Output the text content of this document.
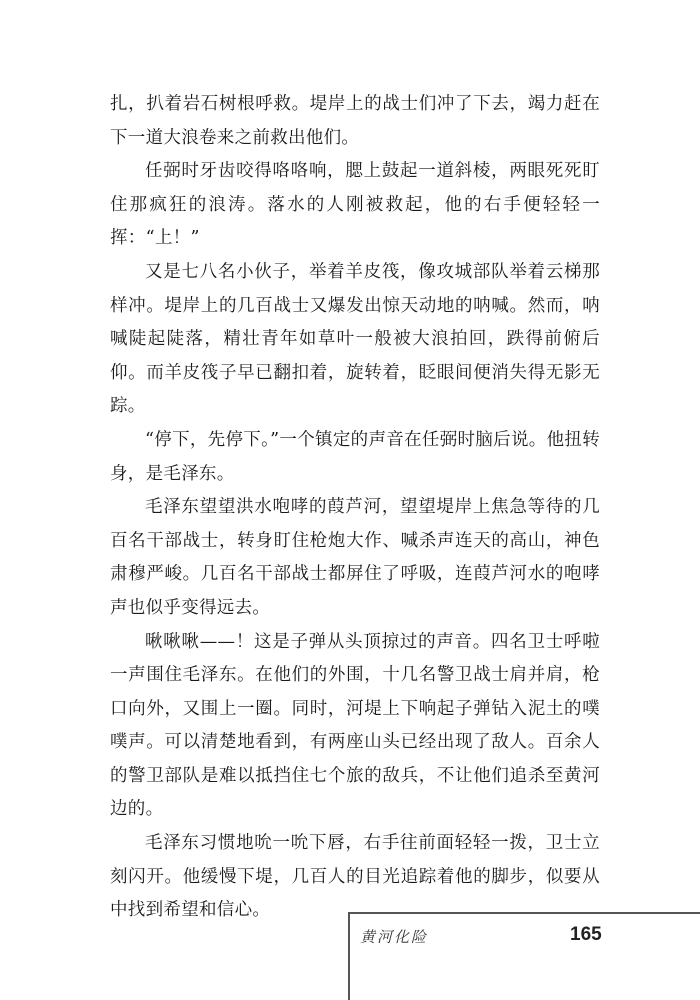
扎，扒着岩石树根呼救。堤岸上的战士们冲了下去，竭力赶在下一道大浪卷来之前救出他们。

任弼时牙齿咬得咯咯响，腮上鼓起一道斜棱，两眼死死盯住那疯狂的浪涛。落水的人刚被救起，他的右手便轻轻一挥：“上！”

又是七八名小伙子，举着羊皮筏，像攻城部队举着云梯那样冲。堤岸上的几百战士又爆发出惊天动地的呐喊。然而，呐喊陡起陡落，精壮青年如草叶一般被大浪拍回，跌得前俯后仰。而羊皮筏子早已翻扣着，旋转着，眨眼间便消失得无影无踪。

“停下，先停下。”一个镇定的声音在任弼时脑后说。他扭转身，是毛泽东。

毛泽东望望洪水咆哮的葭芦河，望望堤岸上焦急等待的几百名干部战士，转身盯住枪炮大作、喊杀声连天的高山，神色肃穆严峻。几百名干部战士都屏住了呼吸，连葭芦河水的咆哮声也似乎变得远去。

啾啾啾——！这是子弹从头顶掠过的声音。四名卫士呼啦一声围住毛泽东。在他们的外围，十几名警卫战士肩并肩，枪口向外，又围上一圈。同时，河堤上下响起子弹钻入泥土的噗噗声。可以清楚地看到，有两座山头已经出现了敌人。百余人的警卫部队是难以抵挡住七个旅的敌兵，不让他们追杀至黄河边的。

毛泽东习惯地吮一吮下唇，右手往前面轻轻一拨，卫士立刻闪开。他缓慢下堤，几百人的目光追踪着他的脚步，似要从中找到希望和信心。

黄河化险	165
